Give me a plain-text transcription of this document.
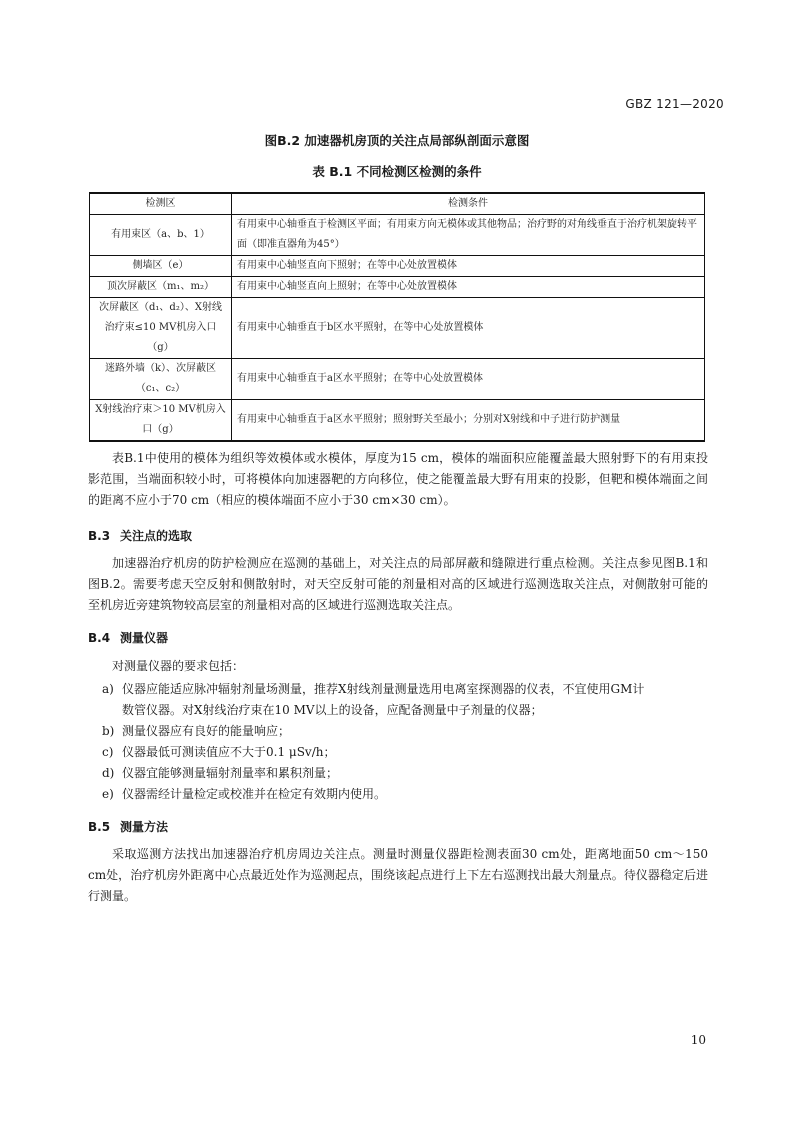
GBZ 121—2020
图B.2 加速器机房顶的关注点局部纵剖面示意图
表 B.1 不同检测区检测的条件
检测区	检测条件
有用束区（a、b、1）	有用束中心轴垂直于检测区平面；有用束方向无模体或其他物品；治疗野的对角线垂直于治疗机架旋转平面（即准直器角为45°）
侧墙区（e）	有用束中心轴竖直向下照射；在等中心处放置模体
顶次屏蔽区（m₁、m₂）	有用束中心轴竖直向上照射；在等中心处放置模体
次屏蔽区（d₁、d₂）、X射线治疗束≤10 MV机房入口（g）	有用束中心轴垂直于b区水平照射，在等中心处放置模体
迷路外墙（k）、次屏蔽区（c₁、c₂）	有用束中心轴垂直于a区水平照射；在等中心处放置模体
X射线治疗束＞10 MV机房入口（g）	有用束中心轴垂直于a区水平照射；照射野关至最小；分别对X射线和中子进行防护测量
表B.1中使用的模体为组织等效模体或水模体，厚度为15 cm，模体的端面积应能覆盖最大照射野下的有用束投影范围，当端面积较小时，可将模体向加速器靶的方向移位，使之能覆盖最大野有用束的投影，但靶和模体端面之间的距离不应小于70 cm（相应的模体端面不应小于30 cm×30 cm）。
B.3 关注点的选取
加速器治疗机房的防护检测应在巡测的基础上，对关注点的局部屏蔽和缝隙进行重点检测。关注点参见图B.1和图B.2。需要考虑天空反射和侧散射时，对天空反射可能的剂量相对高的区域进行巡测选取关注点，对侧散射可能的至机房近旁建筑物较高层室的剂量相对高的区域进行巡测选取关注点。
B.4 测量仪器
对测量仪器的要求包括：
a) 仪器应能适应脉冲辐射剂量场测量，推荐X射线剂量测量选用电离室探测器的仪表，不宜使用GM计
数管仪器。对X射线治疗束在10 MV以上的设备，应配备测量中子剂量的仪器；
b) 测量仪器应有良好的能量响应；
c) 仪器最低可测读值应不大于0.1 μSv/h；
d) 仪器宜能够测量辐射剂量率和累积剂量；
e) 仪器需经计量检定或校准并在检定有效期内使用。
B.5 测量方法
采取巡测方法找出加速器治疗机房周边关注点。测量时测量仪器距检测表面30 cm处，距离地面50 cm～150 cm处，治疗机房外距离中心点最近处作为巡测起点，围绕该起点进行上下左右巡测找出最大剂量点。待仪器稳定后进行测量。
10
